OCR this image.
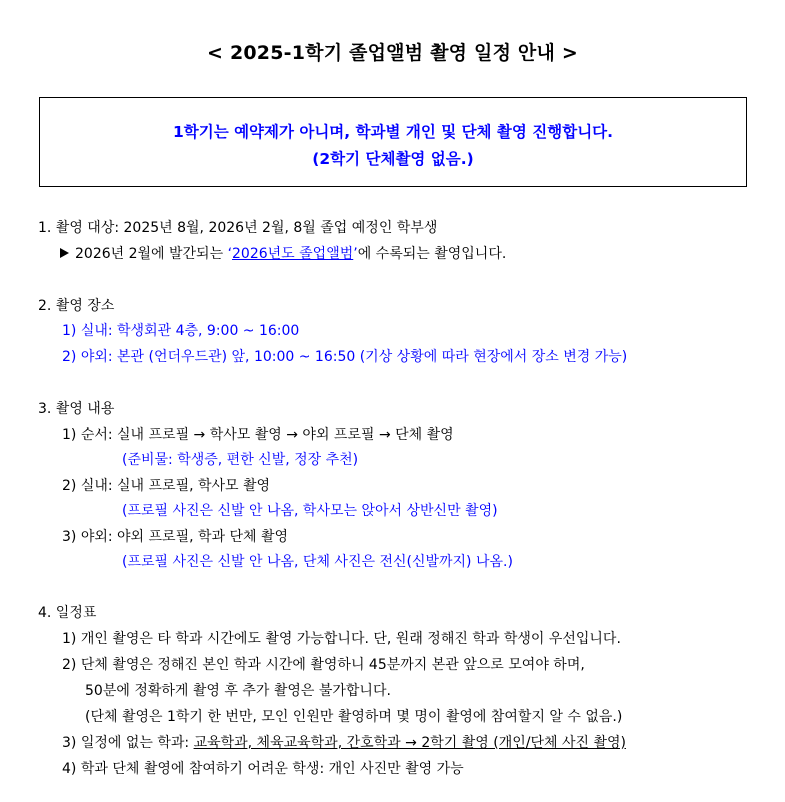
< 2025-1학기 졸업앨범 촬영 일정 안내 >
1학기는 예약제가 아니며, 학과별 개인 및 단체 촬영 진행합니다.
(2학기 단체촬영 없음.)
1. 촬영 대상: 2025년 8월, 2026년 2월, 8월 졸업 예정인 학부생
2026년 2월에 발간되는 ‘2026년도 졸업앨범’에 수록되는 촬영입니다.
2. 촬영 장소
1) 실내: 학생회관 4층, 9:00 ~ 16:00
2) 야외: 본관 (언더우드관) 앞, 10:00 ~ 16:50 (기상 상황에 따라 현장에서 장소 변경 가능)
3. 촬영 내용
1) 순서: 실내 프로필 → 학사모 촬영 → 야외 프로필 → 단체 촬영
(준비물: 학생증, 편한 신발, 정장 추천)
2) 실내: 실내 프로필, 학사모 촬영
(프로필 사진은 신발 안 나옴, 학사모는 앉아서 상반신만 촬영)
3) 야외: 야외 프로필, 학과 단체 촬영
(프로필 사진은 신발 안 나옴, 단체 사진은 전신(신발까지) 나옴.)
4. 일정표
1) 개인 촬영은 타 학과 시간에도 촬영 가능합니다. 단, 원래 정해진 학과 학생이 우선입니다.
2) 단체 촬영은 정해진 본인 학과 시간에 촬영하니 45분까지 본관 앞으로 모여야 하며,
50분에 정확하게 촬영 후 추가 촬영은 불가합니다.
(단체 촬영은 1학기 한 번만, 모인 인원만 촬영하며 몇 명이 촬영에 참여할지 알 수 없음.)
3) 일정에 없는 학과: 교육학과, 체육교육학과, 간호학과 → 2학기 촬영 (개인/단체 사진 촬영)
4) 학과 단체 촬영에 참여하기 어려운 학생: 개인 사진만 촬영 가능
